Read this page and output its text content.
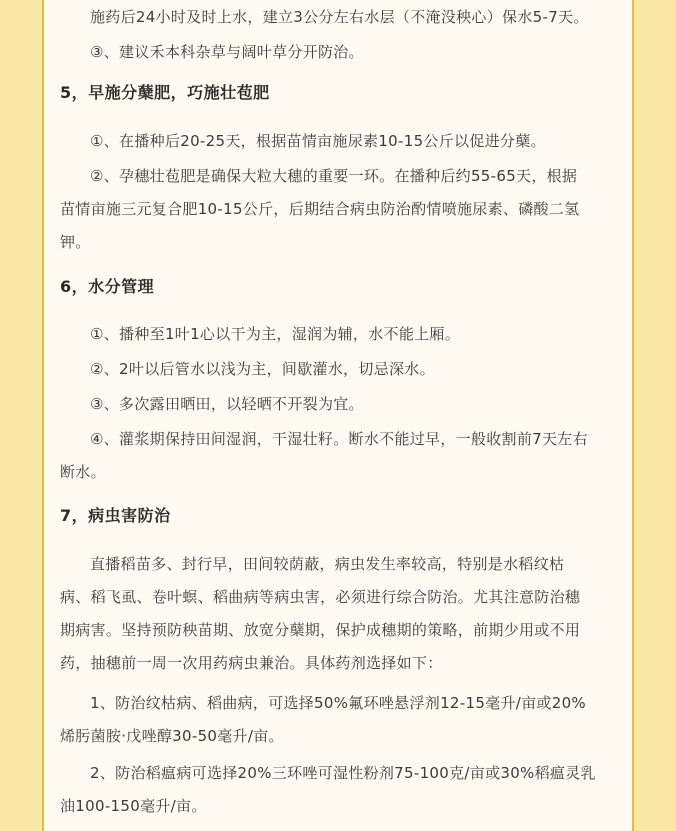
施药后24小时及时上水，建立3公分左右水层（不淹没秧心）保水5-7天。
③、建议禾本科杂草与阔叶草分开防治。
5，早施分蘖肥，巧施壮苞肥
①、在播种后20-25天，根据苗情亩施尿素10-15公斤以促进分蘖。
②、孕穗壮苞肥是确保大粒大穗的重要一环。在播种后约55-65天，根据
苗情亩施三元复合肥10-15公斤，后期结合病虫防治酌情喷施尿素、磷酸二氢
钾。
6，水分管理
①、播种至1叶1心以干为主，湿润为辅，水不能上厢。
②、2叶以后管水以浅为主，间歇灌水，切忌深水。
③、多次露田晒田，以轻晒不开裂为宜。
④、灌浆期保持田间湿润，干湿壮籽。断水不能过早，一般收割前7天左右
断水。
7，病虫害防治
直播稻苗多、封行早，田间较荫蔽，病虫发生率较高，特别是水稻纹枯
病、稻飞虱、卷叶螟、稻曲病等病虫害，必须进行综合防治。尤其注意防治穗
期病害。坚持预防秧苗期、放宽分蘖期，保护成穗期的策略，前期少用或不用
药，抽穗前一周一次用药病虫兼治。具体药剂选择如下：
1、防治纹枯病、稻曲病，可选择50%氟环唑悬浮剂12-15毫升/亩或20%
烯肟菌胺·戊唑醇30-50毫升/亩。
2、防治稻瘟病可选择20%三环唑可湿性粉剂75-100克/亩或30%稻瘟灵乳
油100-150毫升/亩。
